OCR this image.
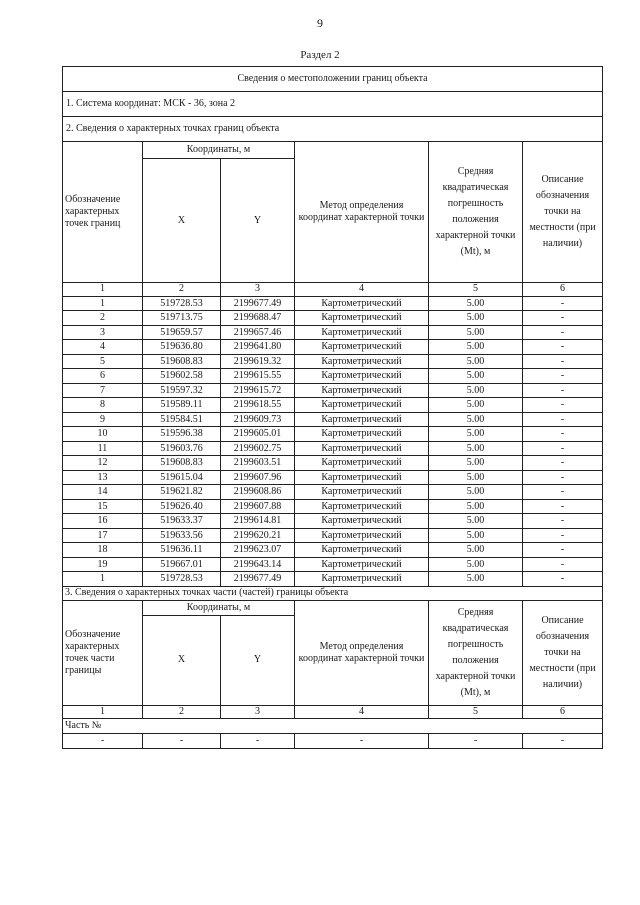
9
Раздел 2
Сведения о местоположении границ объекта					
1. Система координат: МСК - 36, зона 2					
2. Сведения о характерных точках границ объекта					
Обозначение характерных точек границ	Координаты, м		Метод определения координат характерной точки	Средняя квадратическая погрешность положения характерной точки (Mt), м	Описание обозначения точки на местности (при наличии)
	X	Y			
1	2	3	4	5	6
1	519728.53	2199677.49	Картометрический	5.00	-
2	519713.75	2199688.47	Картометрический	5.00	-
3	519659.57	2199657.46	Картометрический	5.00	-
4	519636.80	2199641.80	Картометрический	5.00	-
5	519608.83	2199619.32	Картометрический	5.00	-
6	519602.58	2199615.55	Картометрический	5.00	-
7	519597.32	2199615.72	Картометрический	5.00	-
8	519589.11	2199618.55	Картометрический	5.00	-
9	519584.51	2199609.73	Картометрический	5.00	-
10	519596.38	2199605.01	Картометрический	5.00	-
11	519603.76	2199602.75	Картометрический	5.00	-
12	519608.83	2199603.51	Картометрический	5.00	-
13	519615.04	2199607.96	Картометрический	5.00	-
14	519621.82	2199608.86	Картометрический	5.00	-
15	519626.40	2199607.88	Картометрический	5.00	-
16	519633.37	2199614.81	Картометрический	5.00	-
17	519633.56	2199620.21	Картометрический	5.00	-
18	519636.11	2199623.07	Картометрический	5.00	-
19	519667.01	2199643.14	Картометрический	5.00	-
1	519728.53	2199677.49	Картометрический	5.00	-
3. Сведения о характерных точках части (частей) границы объекта					
Обозначение характерных точек части границы	Координаты, м		Метод определения координат характерной точки	Средняя квадратическая погрешность положения характерной точки (Mt), м	Описание обозначения точки на местности (при наличии)
	X	Y			
1	2	3	4	5	6
Часть №					
-	-	-	-	-	-
